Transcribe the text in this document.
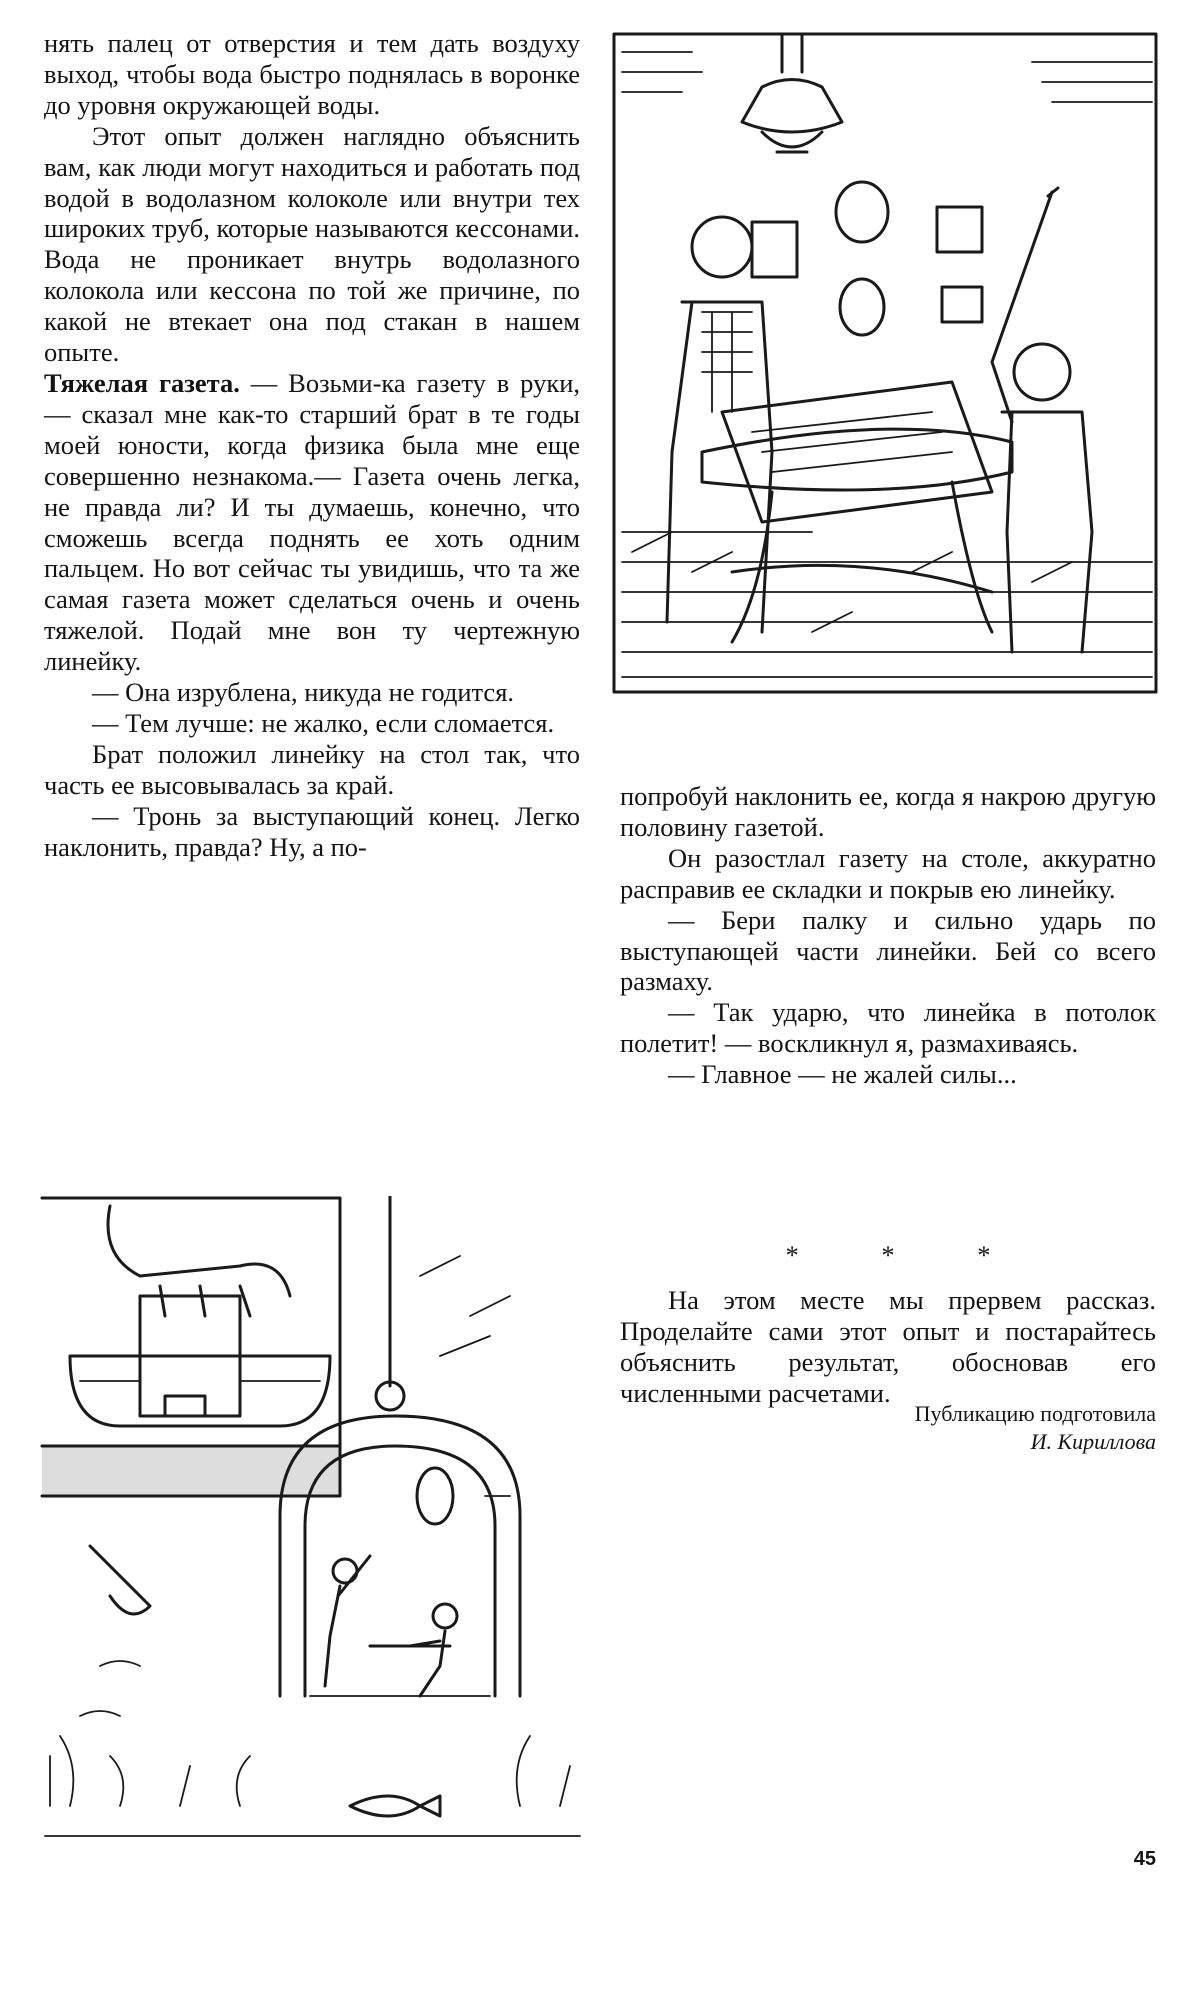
нять палец от отверстия и тем дать воздуху выход, чтобы вода быстро поднялась в воронке до уровня окружающей воды.

Этот опыт должен наглядно объяснить вам, как люди могут находиться и работать под водой в водолазном колоколе или внутри тех широких труб, которые называются кессонами. Вода не проникает внутрь водолазного колокола или кессона по той же причине, по какой не втекает она под стакан в нашем опыте.

Тяжелая газета. — Возьми-ка газету в руки,— сказал мне как-то старший брат в те годы моей юности, когда физика была мне еще совершенно незнакома.— Газета очень легка, не правда ли? И ты думаешь, конечно, что сможешь всегда поднять ее хоть одним пальцем. Но вот сейчас ты увидишь, что та же самая газета может сделаться очень и очень тяжелой. Подай мне вон ту чертежную линейку.

— Она изрублена, никуда не годится.

— Тем лучше: не жалко, если сломается.

Брат положил линейку на стол так, что часть ее высовывалась за край.

— Тронь за выступающий конец. Легко наклонить, правда? Ну, а по-

попробуй наклонить ее, когда я накрою другую половину газетой.

Он разостлал газету на столе, аккуратно расправив ее складки и покрыв ею линейку.

— Бери палку и сильно ударь по выступающей части линейки. Бей со всего размаху.

— Так ударю, что линейка в потолок полетит! — воскликнул я, размахиваясь.

— Главное — не жалей силы...

* * *

На этом месте мы прервем рассказ. Проделайте сами этот опыт и постарайтесь объяснить результат, обосновав его численными расчетами.

Публикацию подготовила
И. Кириллова
45
